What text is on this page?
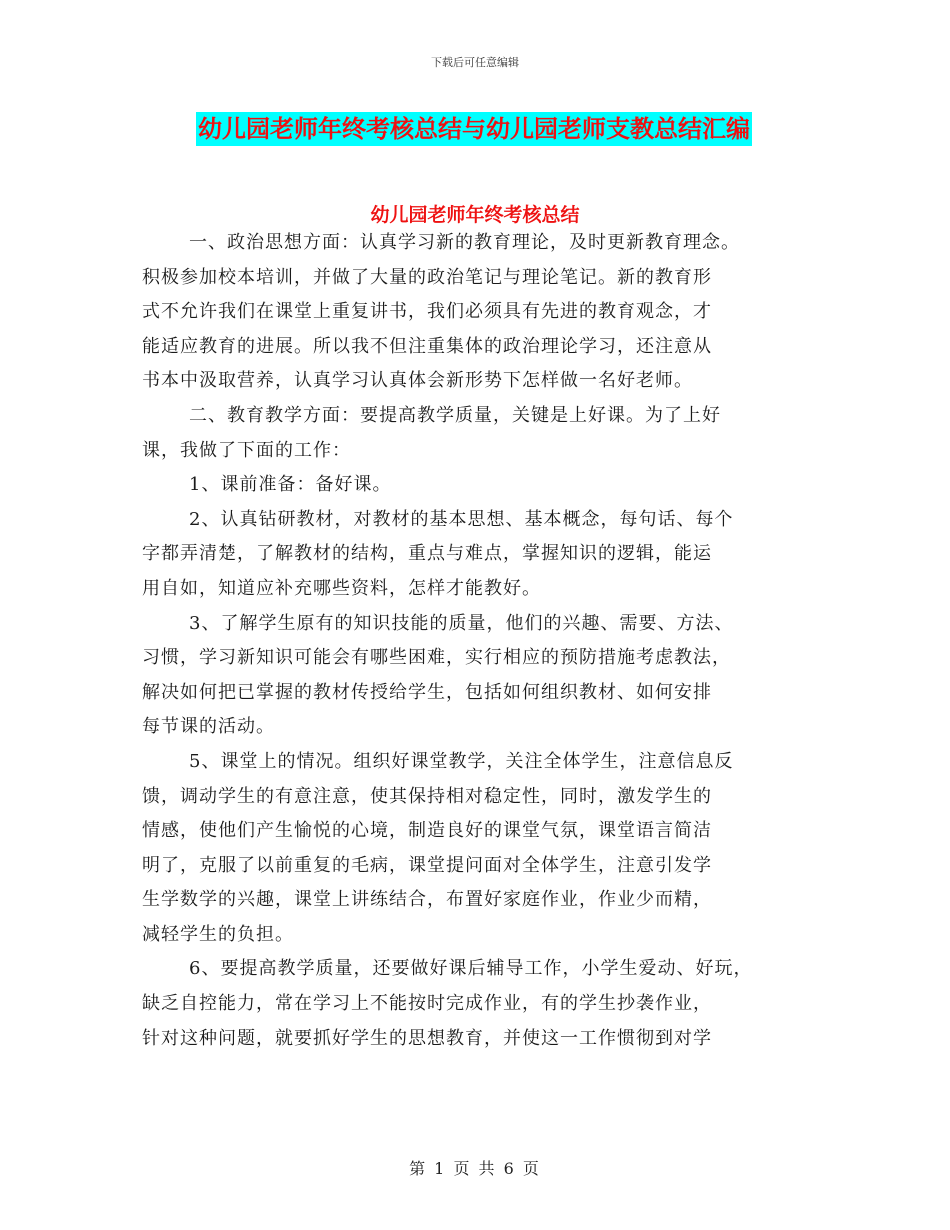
下载后可任意编辑
幼儿园老师年终考核总结与幼儿园老师支教总结汇编
幼儿园老师年终考核总结
一、政治思想方面：认真学习新的教育理论，及时更新教育理念。
积极参加校本培训，并做了大量的政治笔记与理论笔记。新的教育形
式不允许我们在课堂上重复讲书，我们必须具有先进的教育观念，才
能适应教育的进展。所以我不但注重集体的政治理论学习，还注意从
书本中汲取营养，认真学习认真体会新形势下怎样做一名好老师。
二、教育教学方面：要提高教学质量，关键是上好课。为了上好
课，我做了下面的工作：
1、课前准备：备好课。
2、认真钻研教材，对教材的基本思想、基本概念，每句话、每个
字都弄清楚，了解教材的结构，重点与难点，掌握知识的逻辑，能运
用自如，知道应补充哪些资料，怎样才能教好。
3、了解学生原有的知识技能的质量，他们的兴趣、需要、方法、
习惯，学习新知识可能会有哪些困难，实行相应的预防措施考虑教法，
解决如何把已掌握的教材传授给学生，包括如何组织教材、如何安排
每节课的活动。
5、课堂上的情况。组织好课堂教学，关注全体学生，注意信息反
馈，调动学生的有意注意，使其保持相对稳定性，同时，激发学生的
情感，使他们产生愉悦的心境，制造良好的课堂气氛，课堂语言简洁
明了，克服了以前重复的毛病，课堂提问面对全体学生，注意引发学
生学数学的兴趣，课堂上讲练结合，布置好家庭作业，作业少而精，
减轻学生的负担。
6、要提高教学质量，还要做好课后辅导工作，小学生爱动、好玩，
缺乏自控能力，常在学习上不能按时完成作业，有的学生抄袭作业，
针对这种问题，就要抓好学生的思想教育，并使这一工作惯彻到对学
第 1 页 共 6 页
